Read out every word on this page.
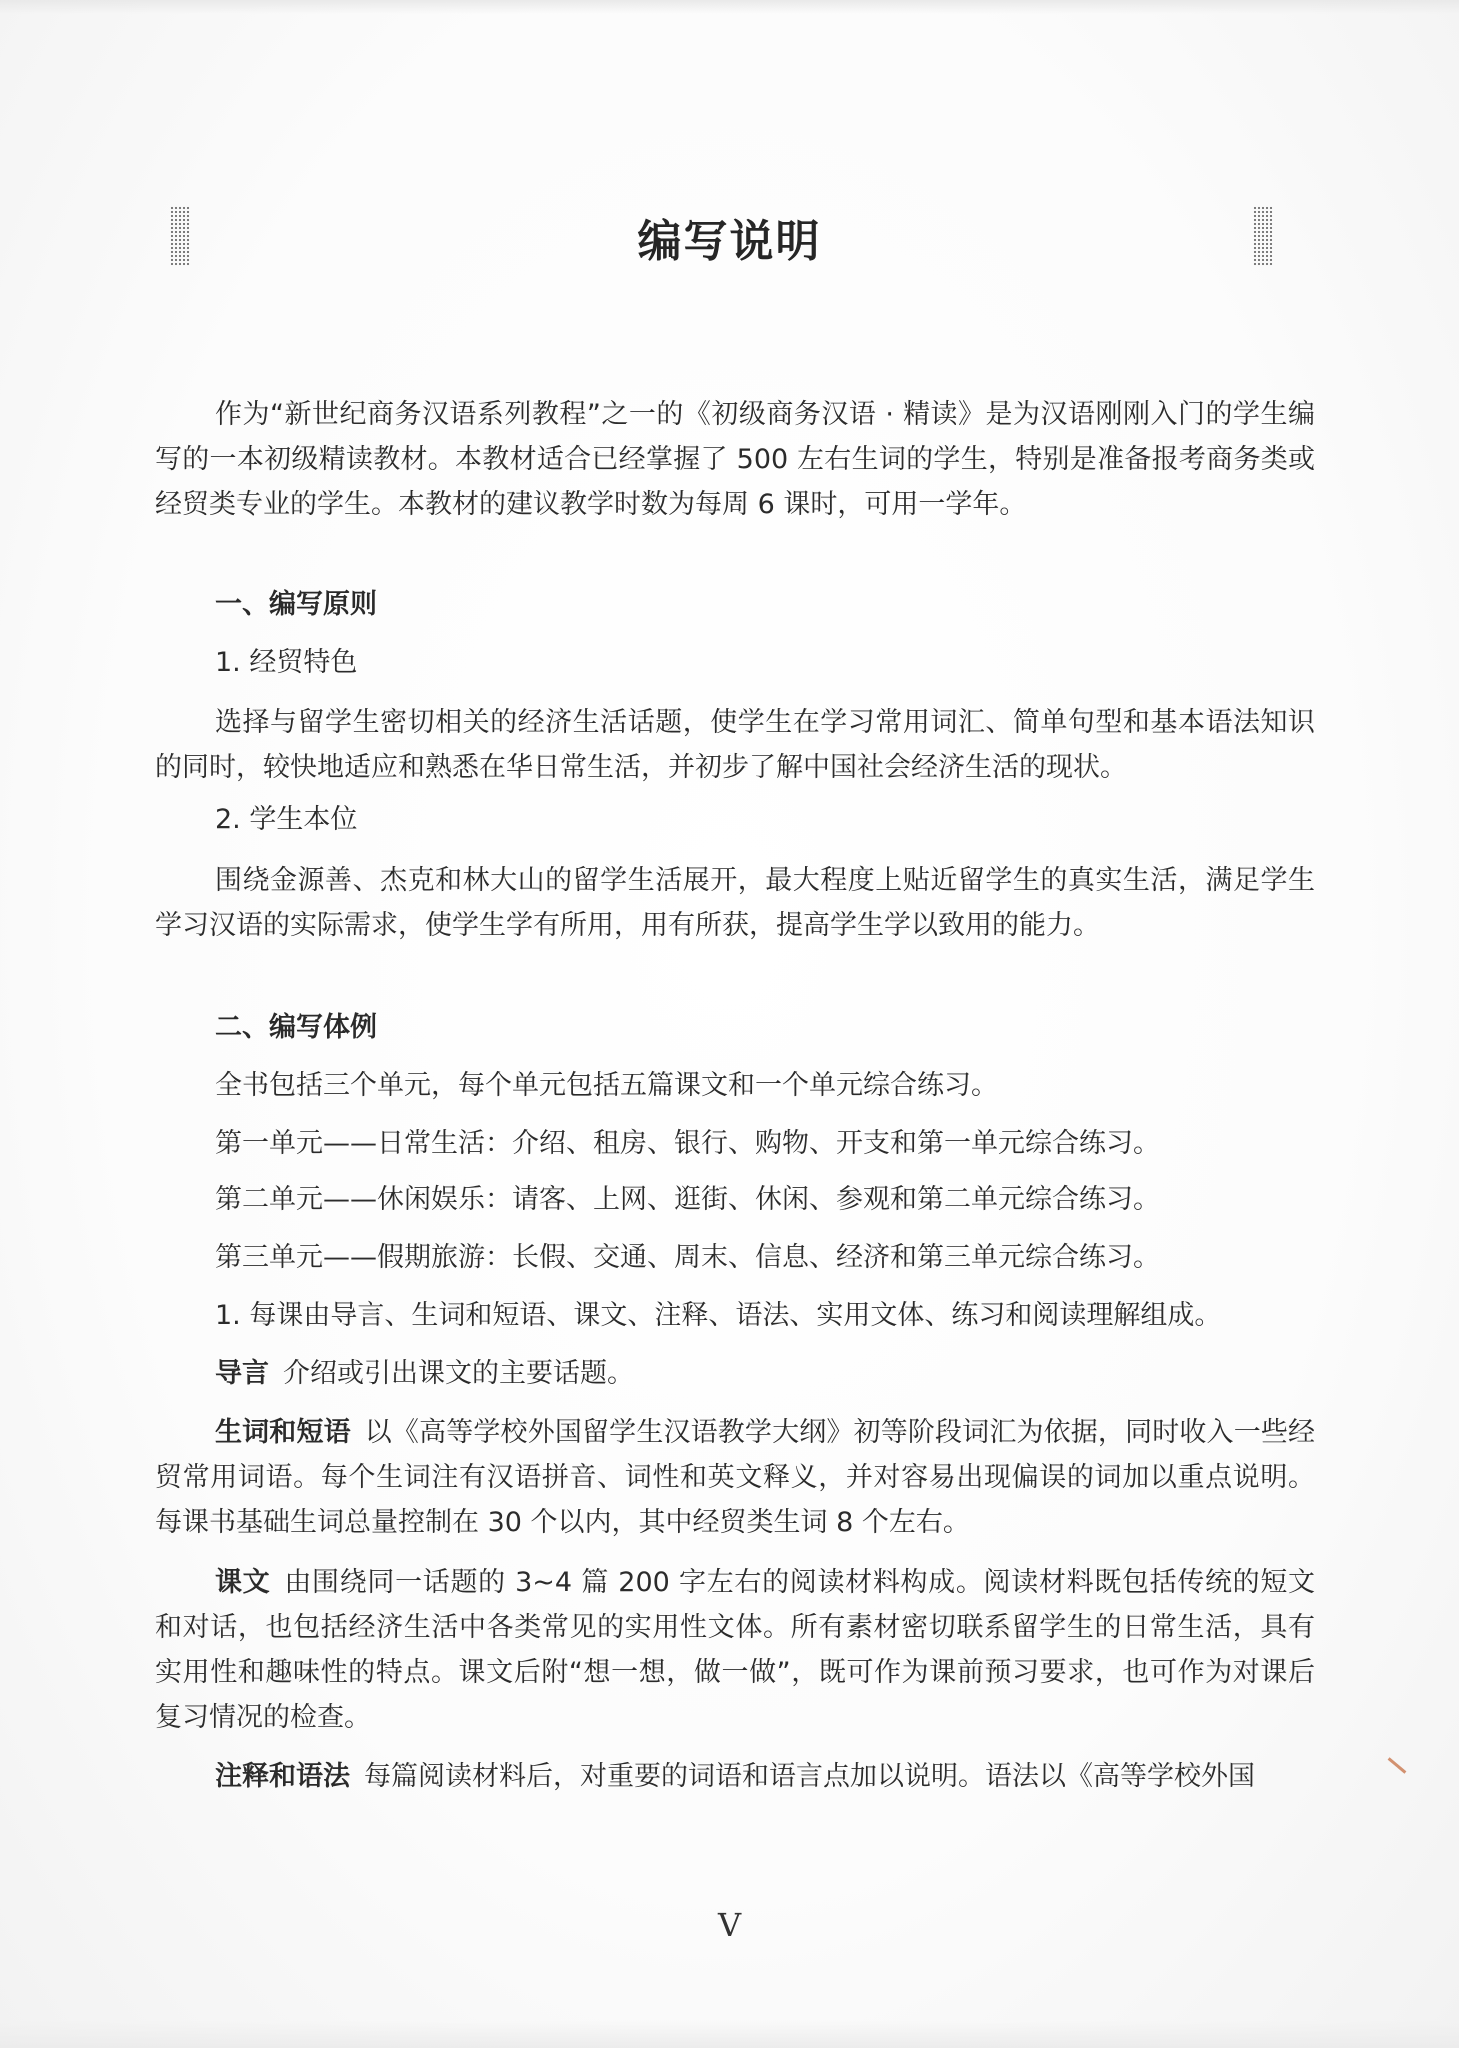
编写说明

作为“新世纪商务汉语系列教程”之一的《初级商务汉语 · 精读》是为汉语刚刚入门的学生编写的一本初级精读教材。本教材适合已经掌握了 500 左右生词的学生，特别是准备报考商务类或经贸类专业的学生。本教材的建议教学时数为每周 6 课时，可用一学年。

一、编写原则

1. 经贸特色

选择与留学生密切相关的经济生活话题，使学生在学习常用词汇、简单句型和基本语法知识的同时，较快地适应和熟悉在华日常生活，并初步了解中国社会经济生活的现状。

2. 学生本位

围绕金源善、杰克和林大山的留学生活展开，最大程度上贴近留学生的真实生活，满足学生学习汉语的实际需求，使学生学有所用，用有所获，提高学生学以致用的能力。

二、编写体例

全书包括三个单元，每个单元包括五篇课文和一个单元综合练习。

第一单元——日常生活：介绍、租房、银行、购物、开支和第一单元综合练习。

第二单元——休闲娱乐：请客、上网、逛街、休闲、参观和第二单元综合练习。

第三单元——假期旅游：长假、交通、周末、信息、经济和第三单元综合练习。

1. 每课由导言、生词和短语、课文、注释、语法、实用文体、练习和阅读理解组成。

导言 介绍或引出课文的主要话题。

生词和短语 以《高等学校外国留学生汉语教学大纲》初等阶段词汇为依据，同时收入一些经贸常用词语。每个生词注有汉语拼音、词性和英文释义，并对容易出现偏误的词加以重点说明。每课书基础生词总量控制在 30 个以内，其中经贸类生词 8 个左右。

课文 由围绕同一话题的 3~4 篇 200 字左右的阅读材料构成。阅读材料既包括传统的短文和对话，也包括经济生活中各类常见的实用性文体。所有素材密切联系留学生的日常生活，具有实用性和趣味性的特点。课文后附“想一想，做一做”，既可作为课前预习要求，也可作为对课后复习情况的检查。

注释和语法 每篇阅读材料后，对重要的词语和语言点加以说明。语法以《高等学校外国

V
